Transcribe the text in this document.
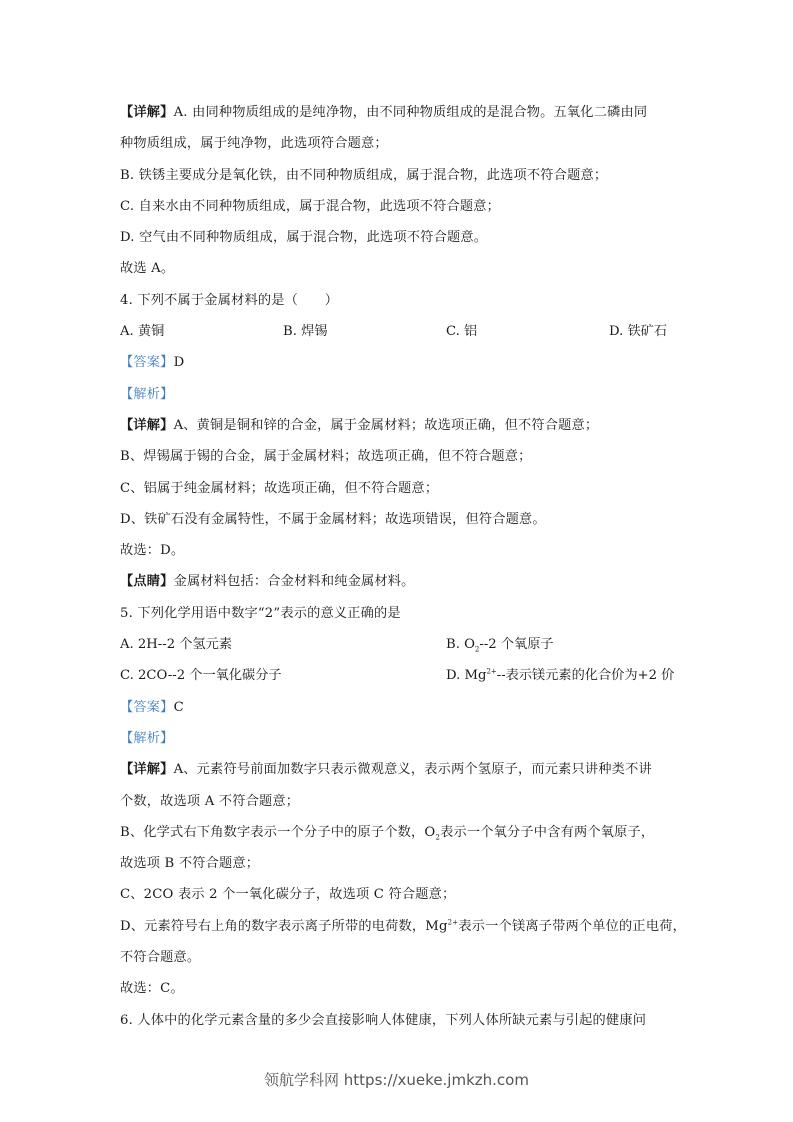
【详解】A. 由同种物质组成的是纯净物，由不同种物质组成的是混合物。五氧化二磷由同
种物质组成，属于纯净物，此选项符合题意；
B. 铁锈主要成分是氧化铁，由不同种物质组成，属于混合物，此选项不符合题意；
C. 自来水由不同种物质组成，属于混合物，此选项不符合题意；
D. 空气由不同种物质组成，属于混合物，此选项不符合题意。
故选 A。
4. 下列不属于金属材料的是（　　）
A. 黄铜	B. 焊锡	C. 铝	D. 铁矿石
【答案】D
【解析】
【详解】A、黄铜是铜和锌的合金，属于金属材料；故选项正确，但不符合题意；
B、焊锡属于锡的合金，属于金属材料；故选项正确，但不符合题意；
C、铝属于纯金属材料；故选项正确，但不符合题意；
D、铁矿石没有金属特性，不属于金属材料；故选项错误，但符合题意。
故选：D。
【点睛】金属材料包括：合金材料和纯金属材料。
5. 下列化学用语中数字“2”表示的意义正确的是
A. 2H--2 个氢元素	B. $O_2--2$ 个氧原子
C. 2CO--2 个一氧化碳分子	D. $Mg^{2+}--$表示镁元素的化合价为+2 价
【答案】C
【解析】
【详解】A、元素符号前面加数字只表示微观意义，表示两个氢原子，而元素只讲种类不讲
个数，故选项 A 不符合题意；
B、化学式右下角数字表示一个分子中的原子个数，$O_2$表示一个氧分子中含有两个氧原子，
故选项 B 不符合题意；
C、2CO 表示 2 个一氧化碳分子，故选项 C 符合题意；
D、元素符号右上角的数字表示离子所带的电荷数，$Mg^{2+}$表示一个镁离子带两个单位的正电荷，
不符合题意。
故选：C。
6. 人体中的化学元素含量的多少会直接影响人体健康，下列人体所缺元素与引起的健康问
领航学科网 https://xueke.jmkzh.com
